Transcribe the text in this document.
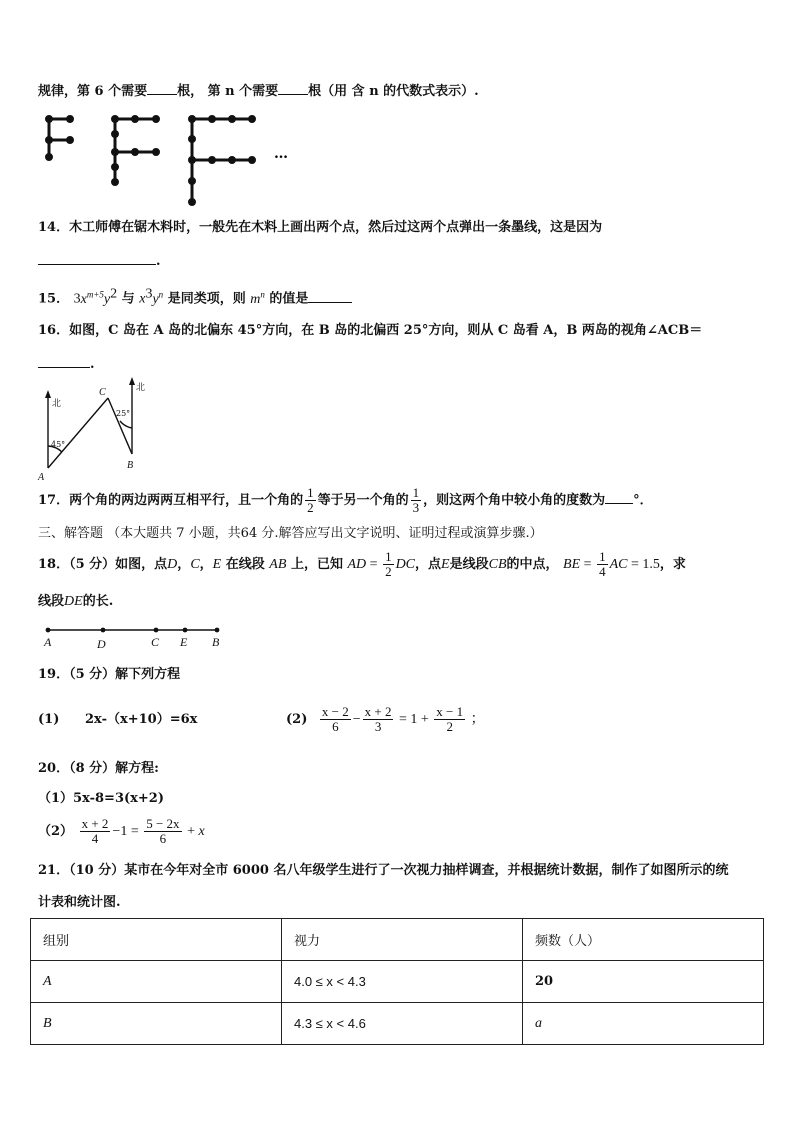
规律，第 6 个需要 根， 第 n 个需要 根（用 含 n 的代数式表示）.
…
14．木工师傅在锯木料时，一般先在木料上画出两个点，然后过这两个点弹出一条墨线，这是因为
.
15． $3x^{m+5}y^2$ 与 $x^3y^n$ 是同类项，则 $m^n$ 的值是
16．如图，C 岛在 A 岛的北偏东 45°方向，在 B 岛的北偏西 25°方向，则从 C 岛看 A，B 两岛的视角∠ACB＝
.
北
北
45°
25°
A
B
C
17．两个角的两边两两互相平行，且一个角的 $\frac{1}{2}$ 等于另一个角的 $\frac{1}{3}$ ，则这两个角中较小角的度数为 °．
三、解答题 （本大题共 7 小题，共64 分.解答应写出文字说明、证明过程或演算步骤.）
18．（5 分）如图，点D，C，E 在线段 AB 上，已知 AD = $\frac{1}{2}$ DC，点E是线段CB的中点， BE = $\frac{1}{4}$ AC = 1.5，求
线段DE的长.
A	D	C E B
19．（5 分）解下列方程
(1) 2x-（x+10）=6x	$(2) \frac{x - 2}{6} - \frac{x + 2}{3} = 1 + \frac{x - 1}{2}$ ；
20．（8 分）解方程:
（1）5x-8=3(x+2)
$(2) \frac{x + 2}{4} -1 = \frac{5 - 2x}{6} + x$
21．（10 分）某市在今年对全市 6000 名八年级学生进行了一次视力抽样调查，并根据统计数据，制作了如图所示的统
计表和统计图.
组别	视力	频数（人）
A	4.0 ≤ x < 4.3	20
B	4.3 ≤ x < 4.6	a
